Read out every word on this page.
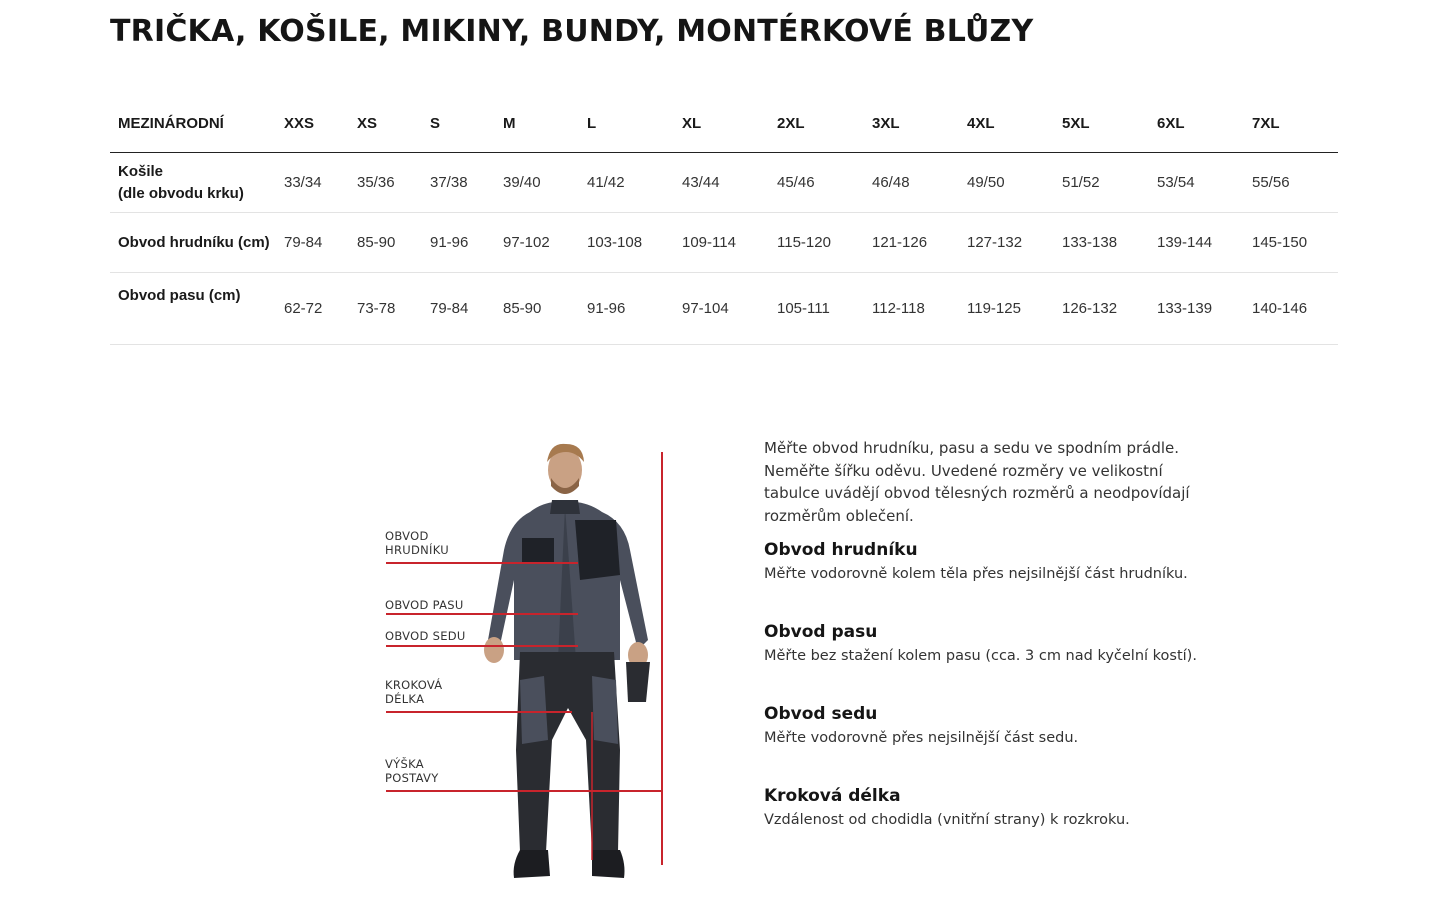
TRIČKA, KOŠILE, MIKINY, BUNDY, MONTÉRKOVÉ BLŮZY
MEZINÁRODNÍ	XXS	XS	S	M	L	XL	2XL	3XL	4XL	5XL	6XL	7XL

Košile
(dle obvodu krku)	33/34	35/36	37/38	39/40	41/42	43/44	45/46	46/48	49/50	51/52	53/54	55/56
Obvod hrudníku (cm)	79-84	85-90	91-96	97-102	103-108	109-114	115-120	121-126	127-132	133-138	139-144	145-150
Obvod pasu (cm)	62-72	73-78	79-84	85-90	91-96	97-104	105-111	112-118	119-125	126-132	133-139	140-146
OBVOD
HRUDNÍKU
OBVOD PASU
OBVOD SEDU
KROKOVÁ
DÉLKA
VÝŠKA
POSTAVY

Měřte obvod hrudníku, pasu a sedu ve spodním prádle. Neměřte šířku oděvu. Uvedené rozměry ve velikostní tabulce uvádějí obvod tělesných rozměrů a neodpovídají rozměrům oblečení.

Obvod hrudníku

Měřte vodorovně kolem těla přes nejsilnější část hrudníku.

Obvod pasu

Měřte bez stažení kolem pasu (cca. 3 cm nad kyčelní kostí).

Obvod sedu

Měřte vodorovně přes nejsilnější část sedu.

Kroková délka

Vzdálenost od chodidla (vnitřní strany) k rozkroku.
